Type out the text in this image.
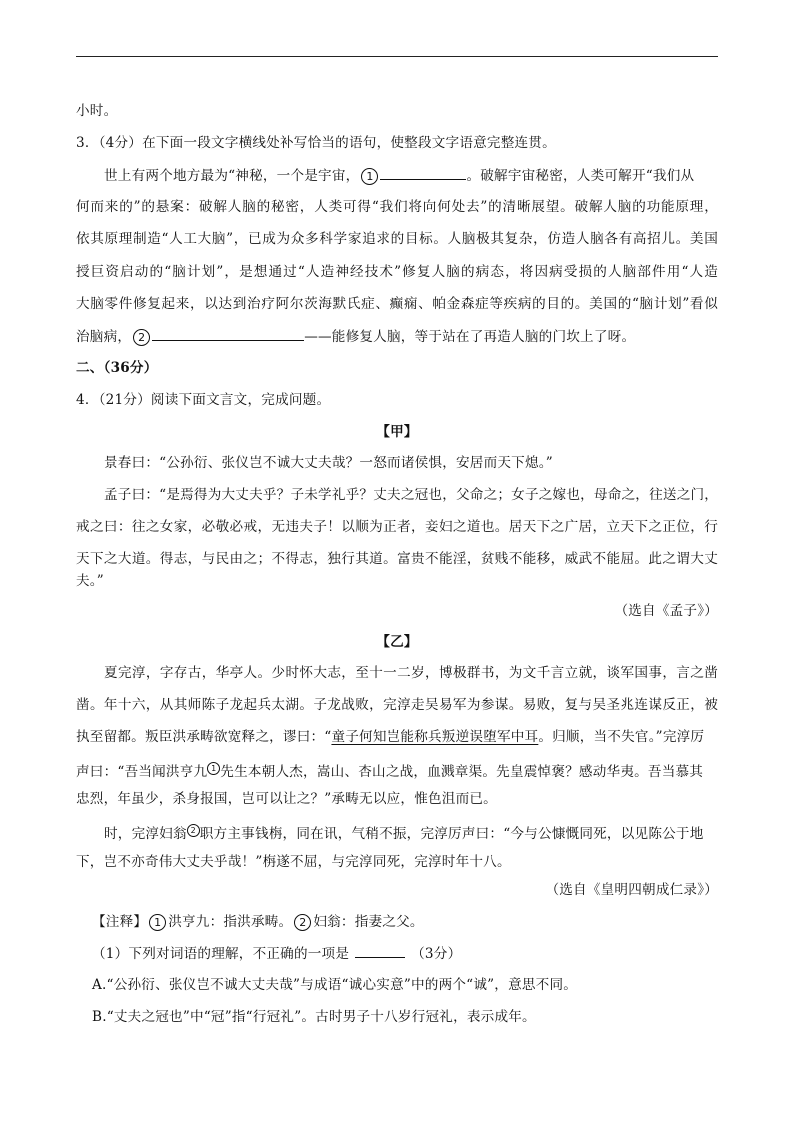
小时。
3．（4分）在下面一段文字横线处补写恰当的语句，使整段文字语意完整连贯。
世上有两个地方最为“神秘，一个是宇宙， 1	。破解宇宙秘密，人类可解开“我们从
何而来的”的悬案：破解人脑的秘密，人类可得“我们将向何处去”的清晰展望。破解人脑的功能原理，
依其原理制造“人工大脑”，已成为众多科学家追求的目标。人脑极其复杂，仿造人脑各有高招儿。美国
授巨资启动的“脑计划”，是想通过“人造神经技术”修复人脑的病态，将因病受损的人脑部件用“人造
大脑零件修复起来，以达到治疗阿尔茨海默氏症、癫痫、帕金森症等疾病的目的。美国的“脑计划”看似
治脑病， 2	——能修复人脑，等于站在了再造人脑的门坎上了呀。
二、（36分）
4．（21分）阅读下面文言文，完成问题。
【甲】
景春曰：“公孙衍、张仪岂不诚大丈夫哉？一怒而诸侯惧，安居而天下熄。”
孟子曰：“是焉得为大丈夫乎？子未学礼乎？丈夫之冠也，父命之；女子之嫁也，母命之，往送之门，
戒之曰：往之女家，必敬必戒，无违夫子！以顺为正者，妾妇之道也。居天下之广居，立天下之正位，行
天下之大道。得志，与民由之；不得志，独行其道。富贵不能淫，贫贱不能移，威武不能屈。此之谓大丈
夫。”
（选自《孟子》）
【乙】
夏完淳，字存古，华亭人。少时怀大志，至十一二岁，博极群书，为文千言立就，谈军国事，言之凿
凿。年十六，从其师陈子龙起兵太湖。子龙战败，完淳走吴易军为参谋。易败，复与吴圣兆连谋反正，被
执至留都。叛臣洪承畴欲宽释之，谬曰：“童子何知岂能称兵叛逆误堕军中耳。归顺，当不失官。”完淳厉
声曰：“吾当闻洪亨九 $^1$ 先生本朝人杰，嵩山、杏山之战，血溅章渠。先皇震悼褒？感动华夷。吾当慕其
忠烈，年虽少，杀身报国，岂可以让之？”承畴无以应，惟色沮而已。
时，完淳妇翁 $^2$ 职方主事钱栴，同在讯，气稍不振，完淳厉声曰：“今与公慷慨同死，以见陈公于地
下，岂不亦奇伟大丈夫乎哉！”栴遂不屈，与完淳同死，完淳时年十八。
（选自《皇明四朝成仁录》）
【注释】 1 洪亨九：指洪承畴。 2 妇翁：指妻之父。
（1）下列对词语的理解，不正确的一项是	（3分）
A.“公孙衍、张仪岂不诚大丈夫哉”与成语“诚心实意”中的两个“诚”，意思不同。
B.“丈夫之冠也”中“冠”指“行冠礼”。古时男子十八岁行冠礼，表示成年。
